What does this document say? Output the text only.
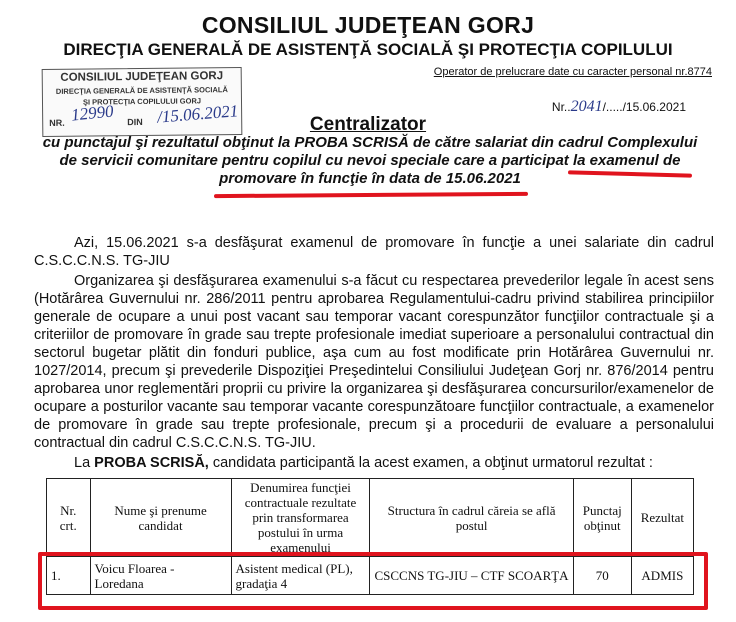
CONSILIUL JUDEŢEAN GORJ
DIRECŢIA GENERALĂ DE ASISTENŢĂ SOCIALĂ ŞI PROTECŢIA COPILULUI
CONSILIUL JUDEŢEAN GORJ
DIRECŢIA GENERALĂ DE ASISTENŢĂ SOCIALĂ
ŞI PROTECŢIA COPILULUI GORJ
NR. 12990 DIN /15.06.2021
Operator de prelucrare date cu caracter personal nr.8774
Nr..2041/...../15.06.2021
Centralizator
cu punctajul şi rezultatul obţinut la PROBA SCRISĂ de către salariat din cadrul Complexului
de servicii comunitare pentru copilul cu nevoi speciale care a participat la examenul de
promovare în funcţie în data de 15.06.2021

Azi, 15.06.2021 s-a desfăşurat examenul de promovare în funcţie a unei salariate din cadrul C.S.C.C.N.S. TG-JIU

Organizarea şi desfăşurarea examenului s-a făcut cu respectarea prevederilor legale în acest sens (Hotărârea Guvernului nr. 286/2011 pentru aprobarea Regulamentului-cadru privind stabilirea principiilor generale de ocupare a unui post vacant sau temporar vacant corespunzător funcţiilor contractuale şi a criteriilor de promovare în grade sau trepte profesionale imediat superioare a personalului contractual din sectorul bugetar plătit din fonduri publice, aşa cum au fost modificate prin Hotărârea Guvernului nr. 1027/2014, precum şi prevederile Dispoziţiei Preşedintelui Consiliului Judeţean Gorj nr. 876/2014 pentru aprobarea unor reglementări proprii cu privire la organizarea şi desfăşurarea concursurilor/examenelor de ocupare a posturilor vacante sau temporar vacante corespunzătoare funcţiilor contractuale, a examenelor de promovare în grade sau trepte profesionale, precum şi a procedurii de evaluare a personalului contractual din cadrul C.S.C.C.N.S. TG-JIU.

La PROBA SCRISĂ, candidata participantă la acest examen, a obţinut urmatorul rezultat :

Nr. crt.	Nume şi prenume candidat	Denumirea funcţiei contractuale rezultate prin transformarea postului în urma examenului	Structura în cadrul căreia se află postul	Punctaj obţinut	Rezultat
1.	Voicu Floarea - Loredana	Asistent medical (PL), gradaţia 4	CSCCNS TG-JIU – CTF SCOARŢA	70	ADMIS
